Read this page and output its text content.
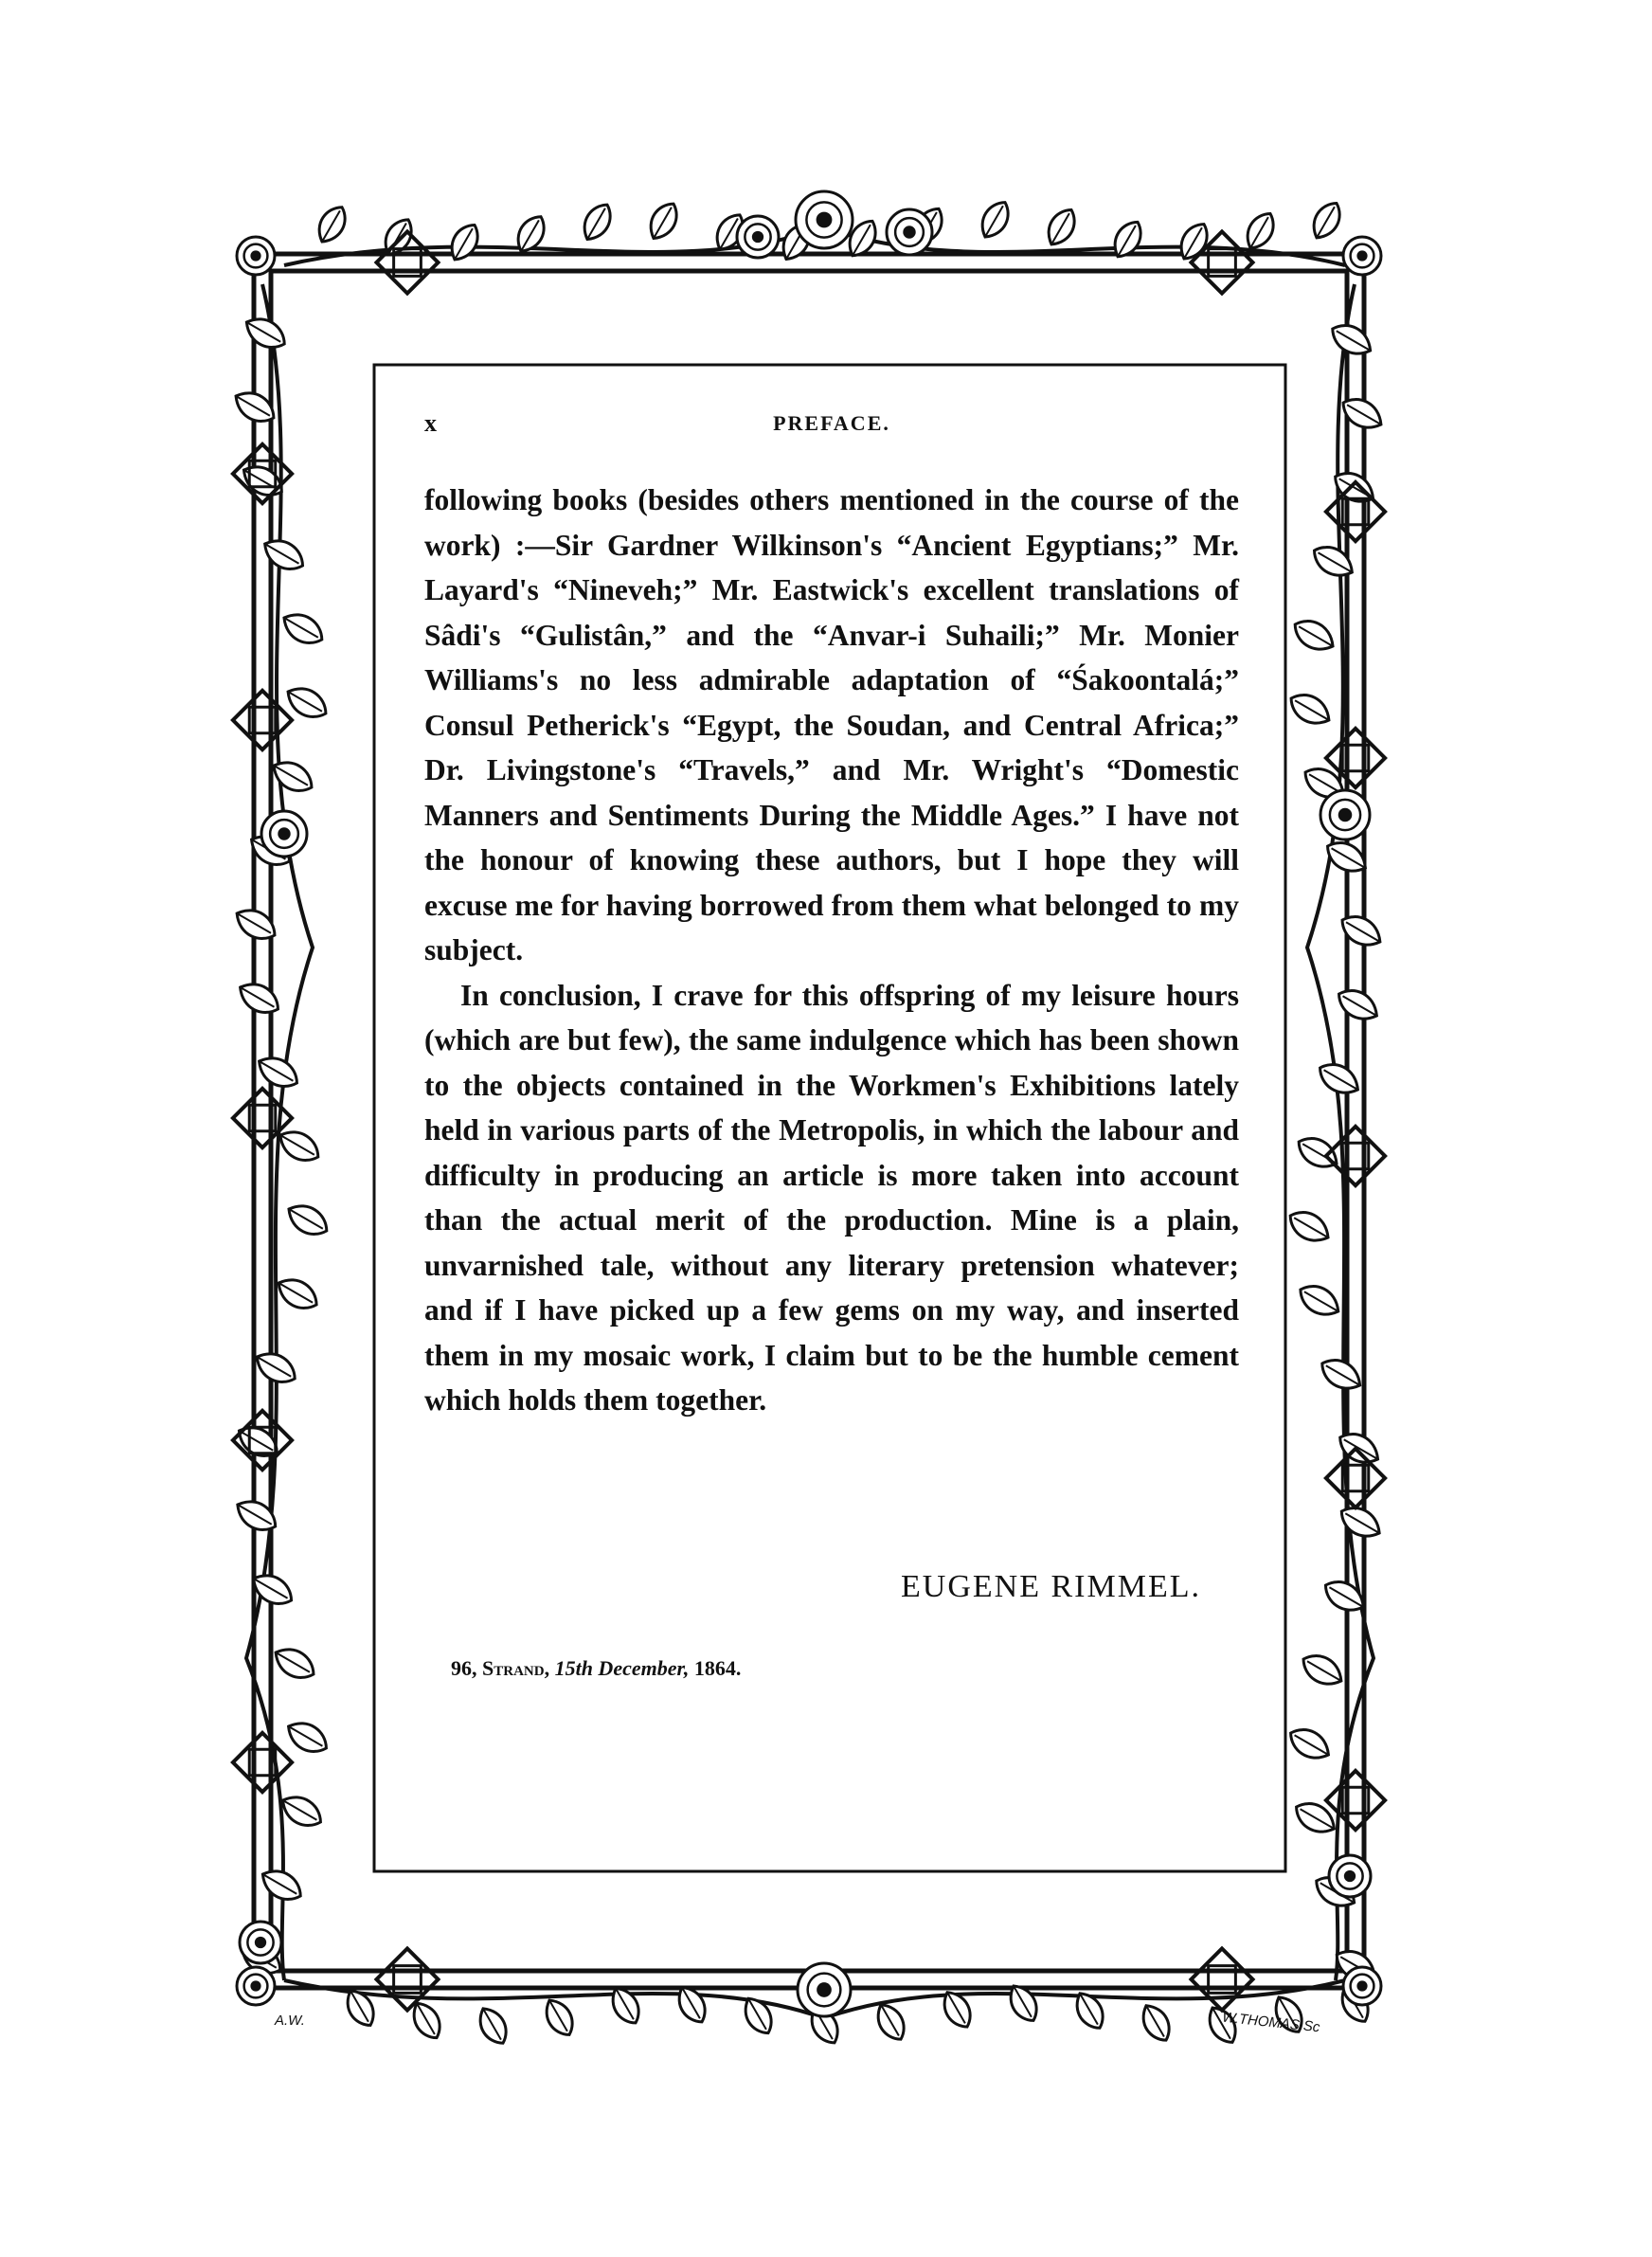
x	PREFACE.

following books (besides others mentioned in the course of the work) :—Sir Gardner Wilkinson's “Ancient Egyptians;” Mr. Layard's “Nineveh;” Mr. Eastwick's excellent translations of Sâdi's “Gulistân,” and the “Anvar-i Suhaili;” Mr. Monier Williams's no less admirable adaptation of “Śakoontalá;” Consul Petherick's “Egypt, the Soudan, and Central Africa;” Dr. Livingstone's “Travels,” and Mr. Wright's “Domestic Manners and Sentiments During the Middle Ages.” I have not the honour of knowing these authors, but I hope they will excuse me for having borrowed from them what belonged to my subject.

In conclusion, I crave for this offspring of my leisure hours (which are but few), the same indulgence which has been shown to the objects contained in the Workmen's Exhibitions lately held in various parts of the Metropolis, in which the labour and difficulty in producing an article is more taken into account than the actual merit of the production. Mine is a plain, unvarnished tale, without any literary pretension whatever; and if I have picked up a few gems on my way, and inserted them in my mosaic work, I claim but to be the humble cement which holds them together.

EUGENE RIMMEL.
96, Strand, 15th December, 1864.
A.W.	W.THOMAS.Sc
